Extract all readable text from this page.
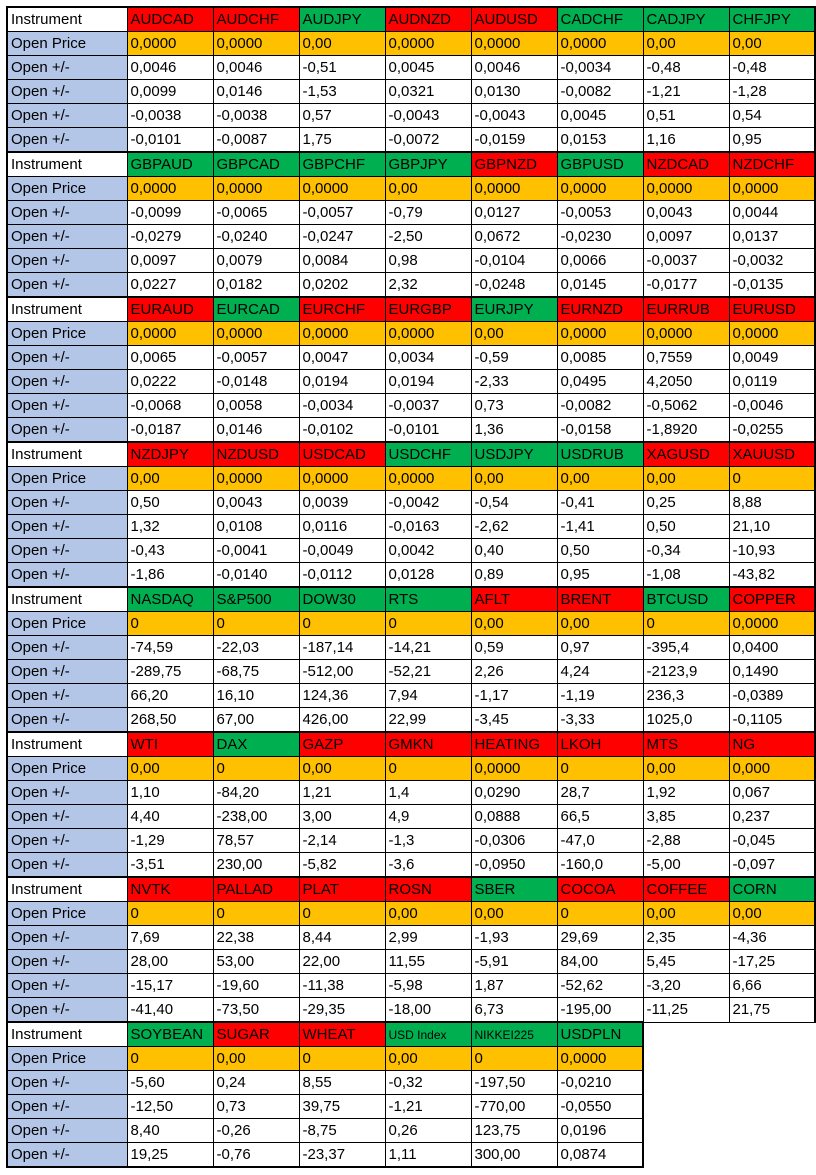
Instrument	AUDCAD	AUDCHF	AUDJPY	AUDNZD	AUDUSD	CADCHF	CADJPY	CHFJPY
Open Price	0,0000	0,0000	0,00	0,0000	0,0000	0,0000	0,00	0,00
Open +/-	0,0046	0,0046	-0,51	0,0045	0,0046	-0,0034	-0,48	-0,48
Open +/-	0,0099	0,0146	-1,53	0,0321	0,0130	-0,0082	-1,21	-1,28
Open +/-	-0,0038	-0,0038	0,57	-0,0043	-0,0043	0,0045	0,51	0,54
Open +/-	-0,0101	-0,0087	1,75	-0,0072	-0,0159	0,0153	1,16	0,95
Instrument	GBPAUD	GBPCAD	GBPCHF	GBPJPY	GBPNZD	GBPUSD	NZDCAD	NZDCHF
Open Price	0,0000	0,0000	0,0000	0,00	0,0000	0,0000	0,0000	0,0000
Open +/-	-0,0099	-0,0065	-0,0057	-0,79	0,0127	-0,0053	0,0043	0,0044
Open +/-	-0,0279	-0,0240	-0,0247	-2,50	0,0672	-0,0230	0,0097	0,0137
Open +/-	0,0097	0,0079	0,0084	0,98	-0,0104	0,0066	-0,0037	-0,0032
Open +/-	0,0227	0,0182	0,0202	2,32	-0,0248	0,0145	-0,0177	-0,0135
Instrument	EURAUD	EURCAD	EURCHF	EURGBP	EURJPY	EURNZD	EURRUB	EURUSD
Open Price	0,0000	0,0000	0,0000	0,0000	0,00	0,0000	0,0000	0,0000
Open +/-	0,0065	-0,0057	0,0047	0,0034	-0,59	0,0085	0,7559	0,0049
Open +/-	0,0222	-0,0148	0,0194	0,0194	-2,33	0,0495	4,2050	0,0119
Open +/-	-0,0068	0,0058	-0,0034	-0,0037	0,73	-0,0082	-0,5062	-0,0046
Open +/-	-0,0187	0,0146	-0,0102	-0,0101	1,36	-0,0158	-1,8920	-0,0255
Instrument	NZDJPY	NZDUSD	USDCAD	USDCHF	USDJPY	USDRUB	XAGUSD	XAUUSD
Open Price	0,00	0,0000	0,0000	0,0000	0,00	0,00	0,00	0
Open +/-	0,50	0,0043	0,0039	-0,0042	-0,54	-0,41	0,25	8,88
Open +/-	1,32	0,0108	0,0116	-0,0163	-2,62	-1,41	0,50	21,10
Open +/-	-0,43	-0,0041	-0,0049	0,0042	0,40	0,50	-0,34	-10,93
Open +/-	-1,86	-0,0140	-0,0112	0,0128	0,89	0,95	-1,08	-43,82
Instrument	NASDAQ	S&P500	DOW30	RTS	AFLT	BRENT	BTCUSD	COPPER
Open Price	0	0	0	0	0,00	0,00	0	0,0000
Open +/-	-74,59	-22,03	-187,14	-14,21	0,59	0,97	-395,4	0,0400
Open +/-	-289,75	-68,75	-512,00	-52,21	2,26	4,24	-2123,9	0,1490
Open +/-	66,20	16,10	124,36	7,94	-1,17	-1,19	236,3	-0,0389
Open +/-	268,50	67,00	426,00	22,99	-3,45	-3,33	1025,0	-0,1105
Instrument	WTI	DAX	GAZP	GMKN	HEATING	LKOH	MTS	NG
Open Price	0,00	0	0,00	0	0,0000	0	0,00	0,000
Open +/-	1,10	-84,20	1,21	1,4	0,0290	28,7	1,92	0,067
Open +/-	4,40	-238,00	3,00	4,9	0,0888	66,5	3,85	0,237
Open +/-	-1,29	78,57	-2,14	-1,3	-0,0306	-47,0	-2,88	-0,045
Open +/-	-3,51	230,00	-5,82	-3,6	-0,0950	-160,0	-5,00	-0,097
Instrument	NVTK	PALLAD	PLAT	ROSN	SBER	COCOA	COFFEE	CORN
Open Price	0	0	0	0,00	0,00	0	0,00	0,00
Open +/-	7,69	22,38	8,44	2,99	-1,93	29,69	2,35	-4,36
Open +/-	28,00	53,00	22,00	11,55	-5,91	84,00	5,45	-17,25
Open +/-	-15,17	-19,60	-11,38	-5,98	1,87	-52,62	-3,20	6,66
Open +/-	-41,40	-73,50	-29,35	-18,00	6,73	-195,00	-11,25	21,75
Instrument	SOYBEAN	SUGAR	WHEAT	USD Index	NIKKEI225	USDPLN		
Open Price	0	0,00	0	0,00	0	0,0000		
Open +/-	-5,60	0,24	8,55	-0,32	-197,50	-0,0210		
Open +/-	-12,50	0,73	39,75	-1,21	-770,00	-0,0550		
Open +/-	8,40	-0,26	-8,75	0,26	123,75	0,0196		
Open +/-	19,25	-0,76	-23,37	1,11	300,00	0,0874		
